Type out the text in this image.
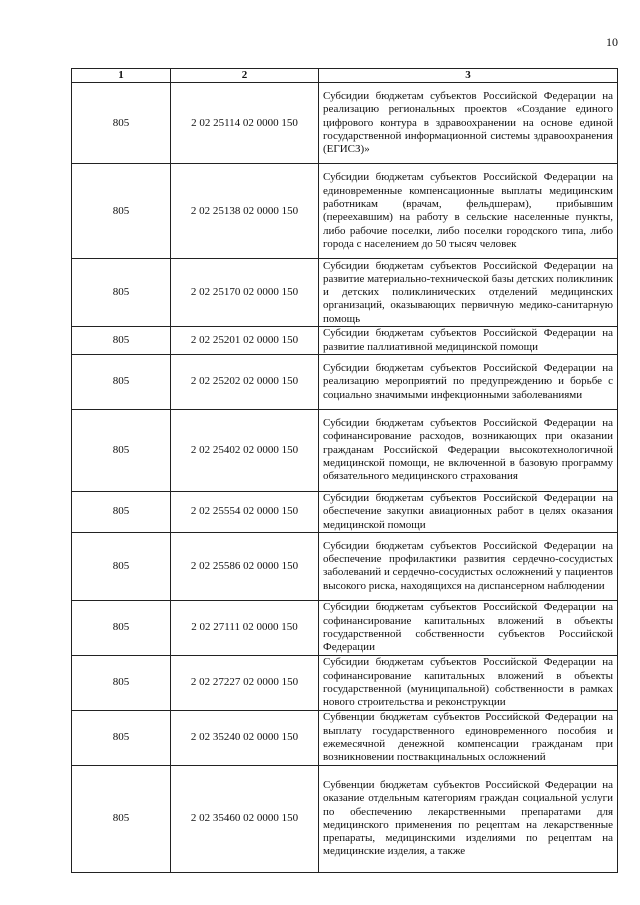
10
1	2	3
805	2 02 25114 02 0000 150	Субсидии бюджетам субъектов Российской Федерации на реализацию региональных проектов «Создание единого цифрового контура в здравоохранении на основе единой государственной информационной системы здравоохранения (ЕГИСЗ)»
805	2 02 25138 02 0000 150	Субсидии бюджетам субъектов Российской Федерации на единовременные компенсационные выплаты медицинским работникам (врачам, фельдшерам), прибывшим (переехавшим) на работу в сельские населенные пункты, либо рабочие поселки, либо поселки городского типа, либо города с населением до 50 тысяч человек
805	2 02 25170 02 0000 150	Субсидии бюджетам субъектов Российской Федерации на развитие материально-технической базы детских поликлиник и детских поликлинических отделений медицинских организаций, оказывающих первичную медико-санитарную помощь
805	2 02 25201 02 0000 150	Субсидии бюджетам субъектов Российской Федерации на развитие паллиативной медицинской помощи
805	2 02 25202 02 0000 150	Субсидии бюджетам субъектов Российской Федерации на реализацию мероприятий по предупреждению и борьбе с социально значимыми инфекционными заболеваниями
805	2 02 25402 02 0000 150	Субсидии бюджетам субъектов Российской Федерации на софинансирование расходов, возникающих при оказании гражданам Российской Федерации высокотехнологичной медицинской помощи, не включенной в базовую программу обязательного медицинского страхования
805	2 02 25554 02 0000 150	Субсидии бюджетам субъектов Российской Федерации на обеспечение закупки авиационных работ в целях оказания медицинской помощи
805	2 02 25586 02 0000 150	Субсидии бюджетам субъектов Российской Федерации на обеспечение профилактики развития сердечно-сосудистых заболеваний и сердечно-сосудистых осложнений у пациентов высокого риска, находящихся на диспансерном наблюдении
805	2 02 27111 02 0000 150	Субсидии бюджетам субъектов Российской Федерации на софинансирование капитальных вложений в объекты государственной собственности субъектов Российской Федерации
805	2 02 27227 02 0000 150	Субсидии бюджетам субъектов Российской Федерации на софинансирование капитальных вложений в объекты государственной (муниципальной) собственности в рамках нового строительства и реконструкции
805	2 02 35240 02 0000 150	Субвенции бюджетам субъектов Российской Федерации на выплату государственного единовременного пособия и ежемесячной денежной компенсации гражданам при возникновении поствакцинальных осложнений
805	2 02 35460 02 0000 150	Субвенции бюджетам субъектов Российской Федерации на оказание отдельным категориям граждан социальной услуги по обеспечению лекарственными препаратами для медицинского применения по рецептам на лекарственные препараты, медицинскими изделиями по рецептам на медицинские изделия, а также
